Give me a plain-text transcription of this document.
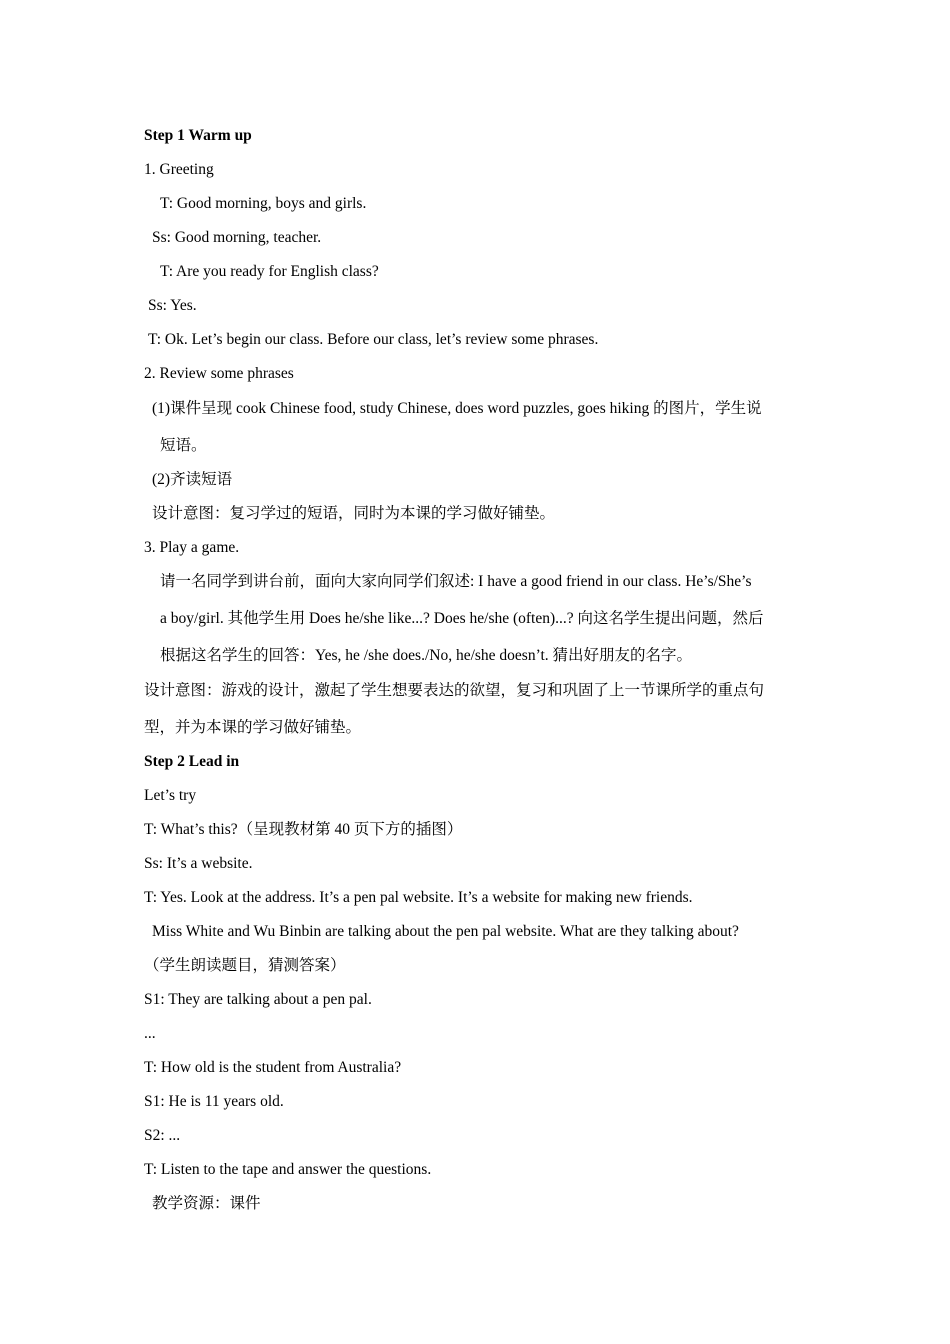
Step 1 Warm up
1. Greeting
T: Good morning, boys and girls.
Ss: Good morning, teacher.
T: Are you ready for English class?
Ss: Yes.
T: Ok. Let’s begin our class. Before our class, let’s review some phrases.
2. Review some phrases
(1)课件呈现 cook Chinese food, study Chinese, does word puzzles, goes hiking 的图片，学生说
短语。
(2)齐读短语
设计意图：复习学过的短语，同时为本课的学习做好铺垫。
3. Play a game.
请一名同学到讲台前，面向大家向同学们叙述: I have a good friend in our class. He’s/She’s
a boy/girl. 其他学生用 Does he/she like...? Does he/she (often)...? 向这名学生提出问题，然后
根据这名学生的回答：Yes, he /she does./No, he/she doesn’t. 猜出好朋友的名字。
设计意图：游戏的设计，激起了学生想要表达的欲望，复习和巩固了上一节课所学的重点句
型，并为本课的学习做好铺垫。
Step 2 Lead in
Let’s try
T: What’s this?（呈现教材第 40 页下方的插图）
Ss: It’s a website.
T: Yes. Look at the address. It’s a pen pal website. It’s a website for making new friends.
Miss White and Wu Binbin are talking about the pen pal website. What are they talking about?
（学生朗读题目，猜测答案）
S1: They are talking about a pen pal.
...
T: How old is the student from Australia?
S1: He is 11 years old.
S2: ...
T: Listen to the tape and answer the questions.
教学资源：课件
